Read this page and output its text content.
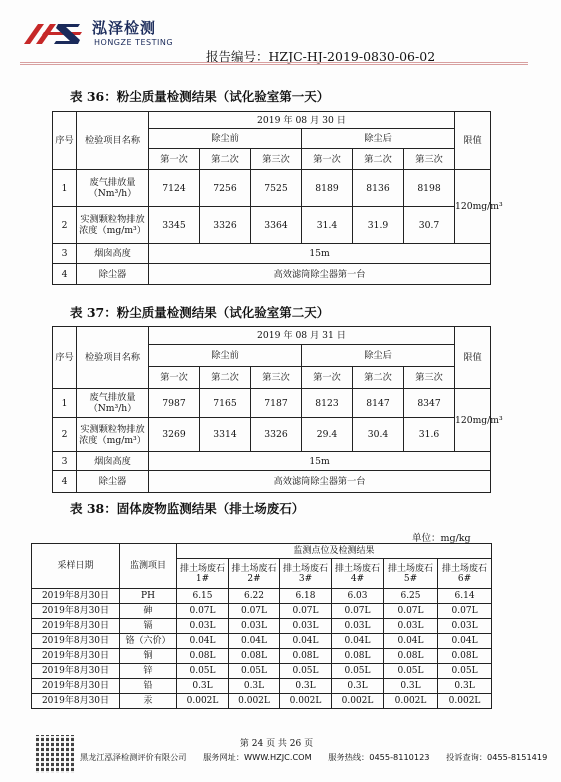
泓泽检测
HONGZE TESTING
报告编号：HZJC-HJ-2019-0830-06-02
表 36：粉尘质量检测结果（试化验室第一天）
序号	检验项目名称	2019 年 08 月 30 日						限值
		除尘前			除尘后			
		第一次	第二次	第三次	第一次	第二次	第三次	
1	废气排放量（Nm³/h）	7124	7256	7525	8189	8136	8198	120mg/m³
2	实测颗粒物排放浓度（mg/m³）	3345	3326	3364	31.4	31.9	30.7	
3	烟囱高度	15m						
4	除尘器	高效滤筒除尘器第一台						
表 37：粉尘质量检测结果（试化验室第二天）
序号	检验项目名称	2019 年 08 月 31 日						限值
		除尘前			除尘后			
		第一次	第二次	第三次	第一次	第二次	第三次	
1	废气排放量（Nm³/h）	7987	7165	7187	8123	8147	8347	120mg/m³
2	实测颗粒物排放浓度（mg/m³）	3269	3314	3326	29.4	30.4	31.6	
3	烟囱高度	15m						
4	除尘器	高效滤筒除尘器第一台						
表 38：固体废物监测结果（排土场废石）
单位：mg/kg
采样日期	监测项目	监测点位及检测结果					
		排土场废石 1#	排土场废石 2#	排土场废石 3#	排土场废石 4#	排土场废石 5#	排土场废石 6#
2019年8月30日	PH	6.15	6.22	6.18	6.03	6.25	6.14
2019年8月30日	砷	0.07L	0.07L	0.07L	0.07L	0.07L	0.07L
2019年8月30日	镉	0.03L	0.03L	0.03L	0.03L	0.03L	0.03L
2019年8月30日	铬（六价）	0.04L	0.04L	0.04L	0.04L	0.04L	0.04L
2019年8月30日	铜	0.08L	0.08L	0.08L	0.08L	0.08L	0.08L
2019年8月30日	锌	0.05L	0.05L	0.05L	0.05L	0.05L	0.05L
2019年8月30日	铅	0.3L	0.3L	0.3L	0.3L	0.3L	0.3L
2019年8月30日	汞	0.002L	0.002L	0.002L	0.002L	0.002L	0.002L
第 24 页 共 26 页
黑龙江泓泽检测评价有限公司 服务网址：WWW.HZJC.COM 服务热线：0455-8110123 投诉查询：0455-8151419
